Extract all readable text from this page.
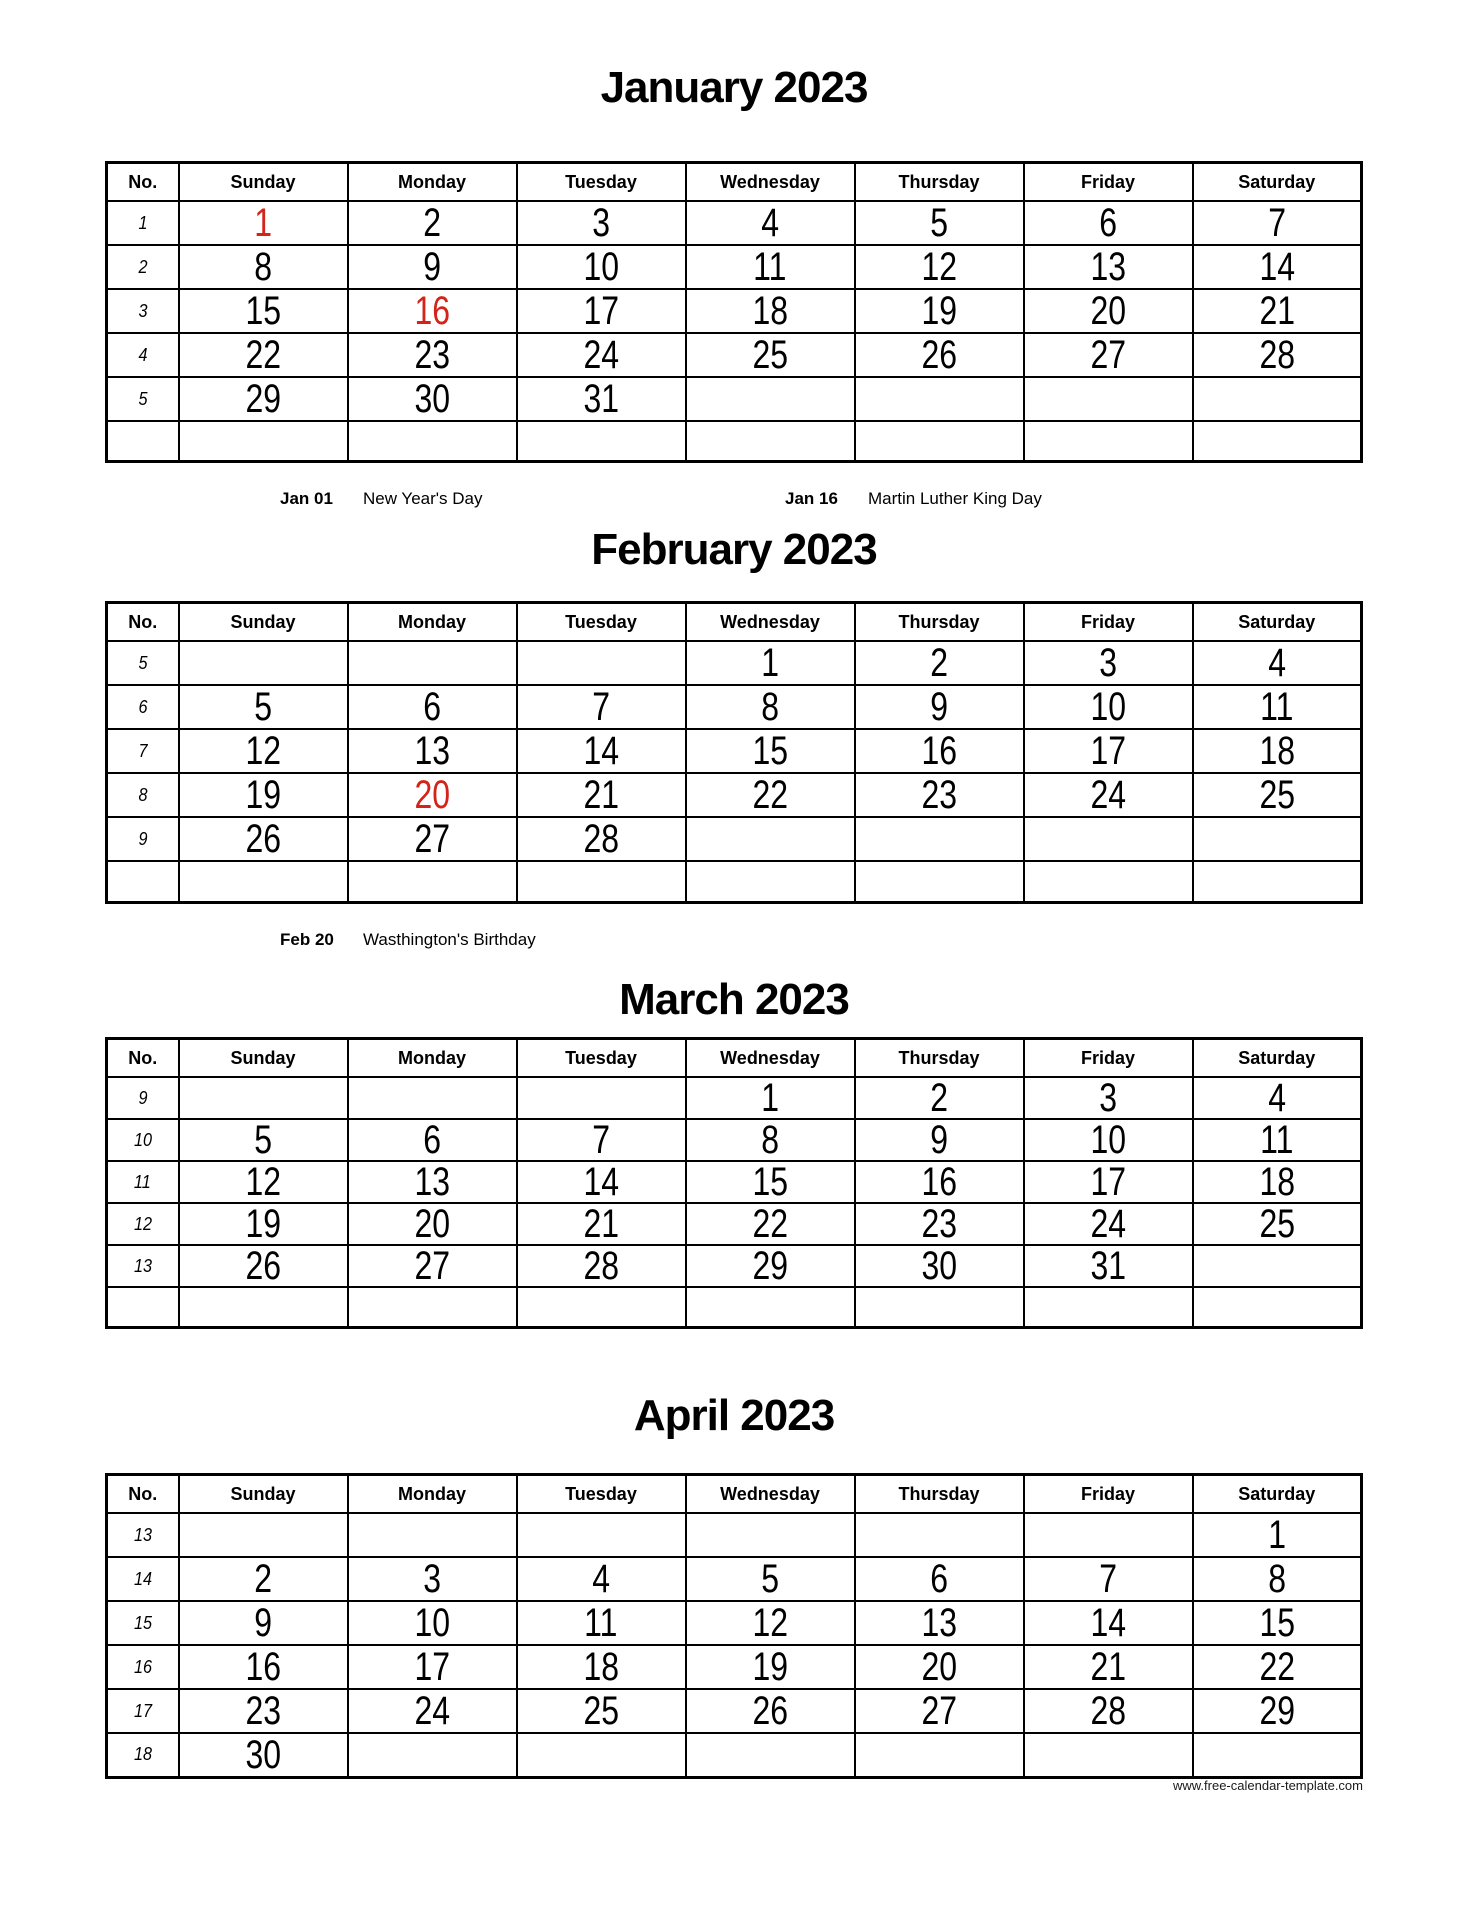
January 2023
No.	Sunday	Monday	Tuesday	Wednesday	Thursday	Friday	Saturday
1	1	2	3	4	5	6	7
2	8	9	10	11	12	13	14
3	15	16	17	18	19	20	21
4	22	23	24	25	26	27	28
5	29	30	31				

Jan 01	New Year's Day	Jan 16	Martin Luther King Day
February 2023
No.	Sunday	Monday	Tuesday	Wednesday	Thursday	Friday	Saturday
5				1	2	3	4
6	5	6	7	8	9	10	11
7	12	13	14	15	16	17	18
8	19	20	21	22	23	24	25
9	26	27	28				

Feb 20	Wasthington's Birthday
March 2023
No.	Sunday	Monday	Tuesday	Wednesday	Thursday	Friday	Saturday
9				1	2	3	4
10	5	6	7	8	9	10	11
11	12	13	14	15	16	17	18
12	19	20	21	22	23	24	25
13	26	27	28	29	30	31	

April 2023
No.	Sunday	Monday	Tuesday	Wednesday	Thursday	Friday	Saturday
13							1
14	2	3	4	5	6	7	8
15	9	10	11	12	13	14	15
16	16	17	18	19	20	21	22
17	23	24	25	26	27	28	29
18	30						
www.free-calendar-template.com
